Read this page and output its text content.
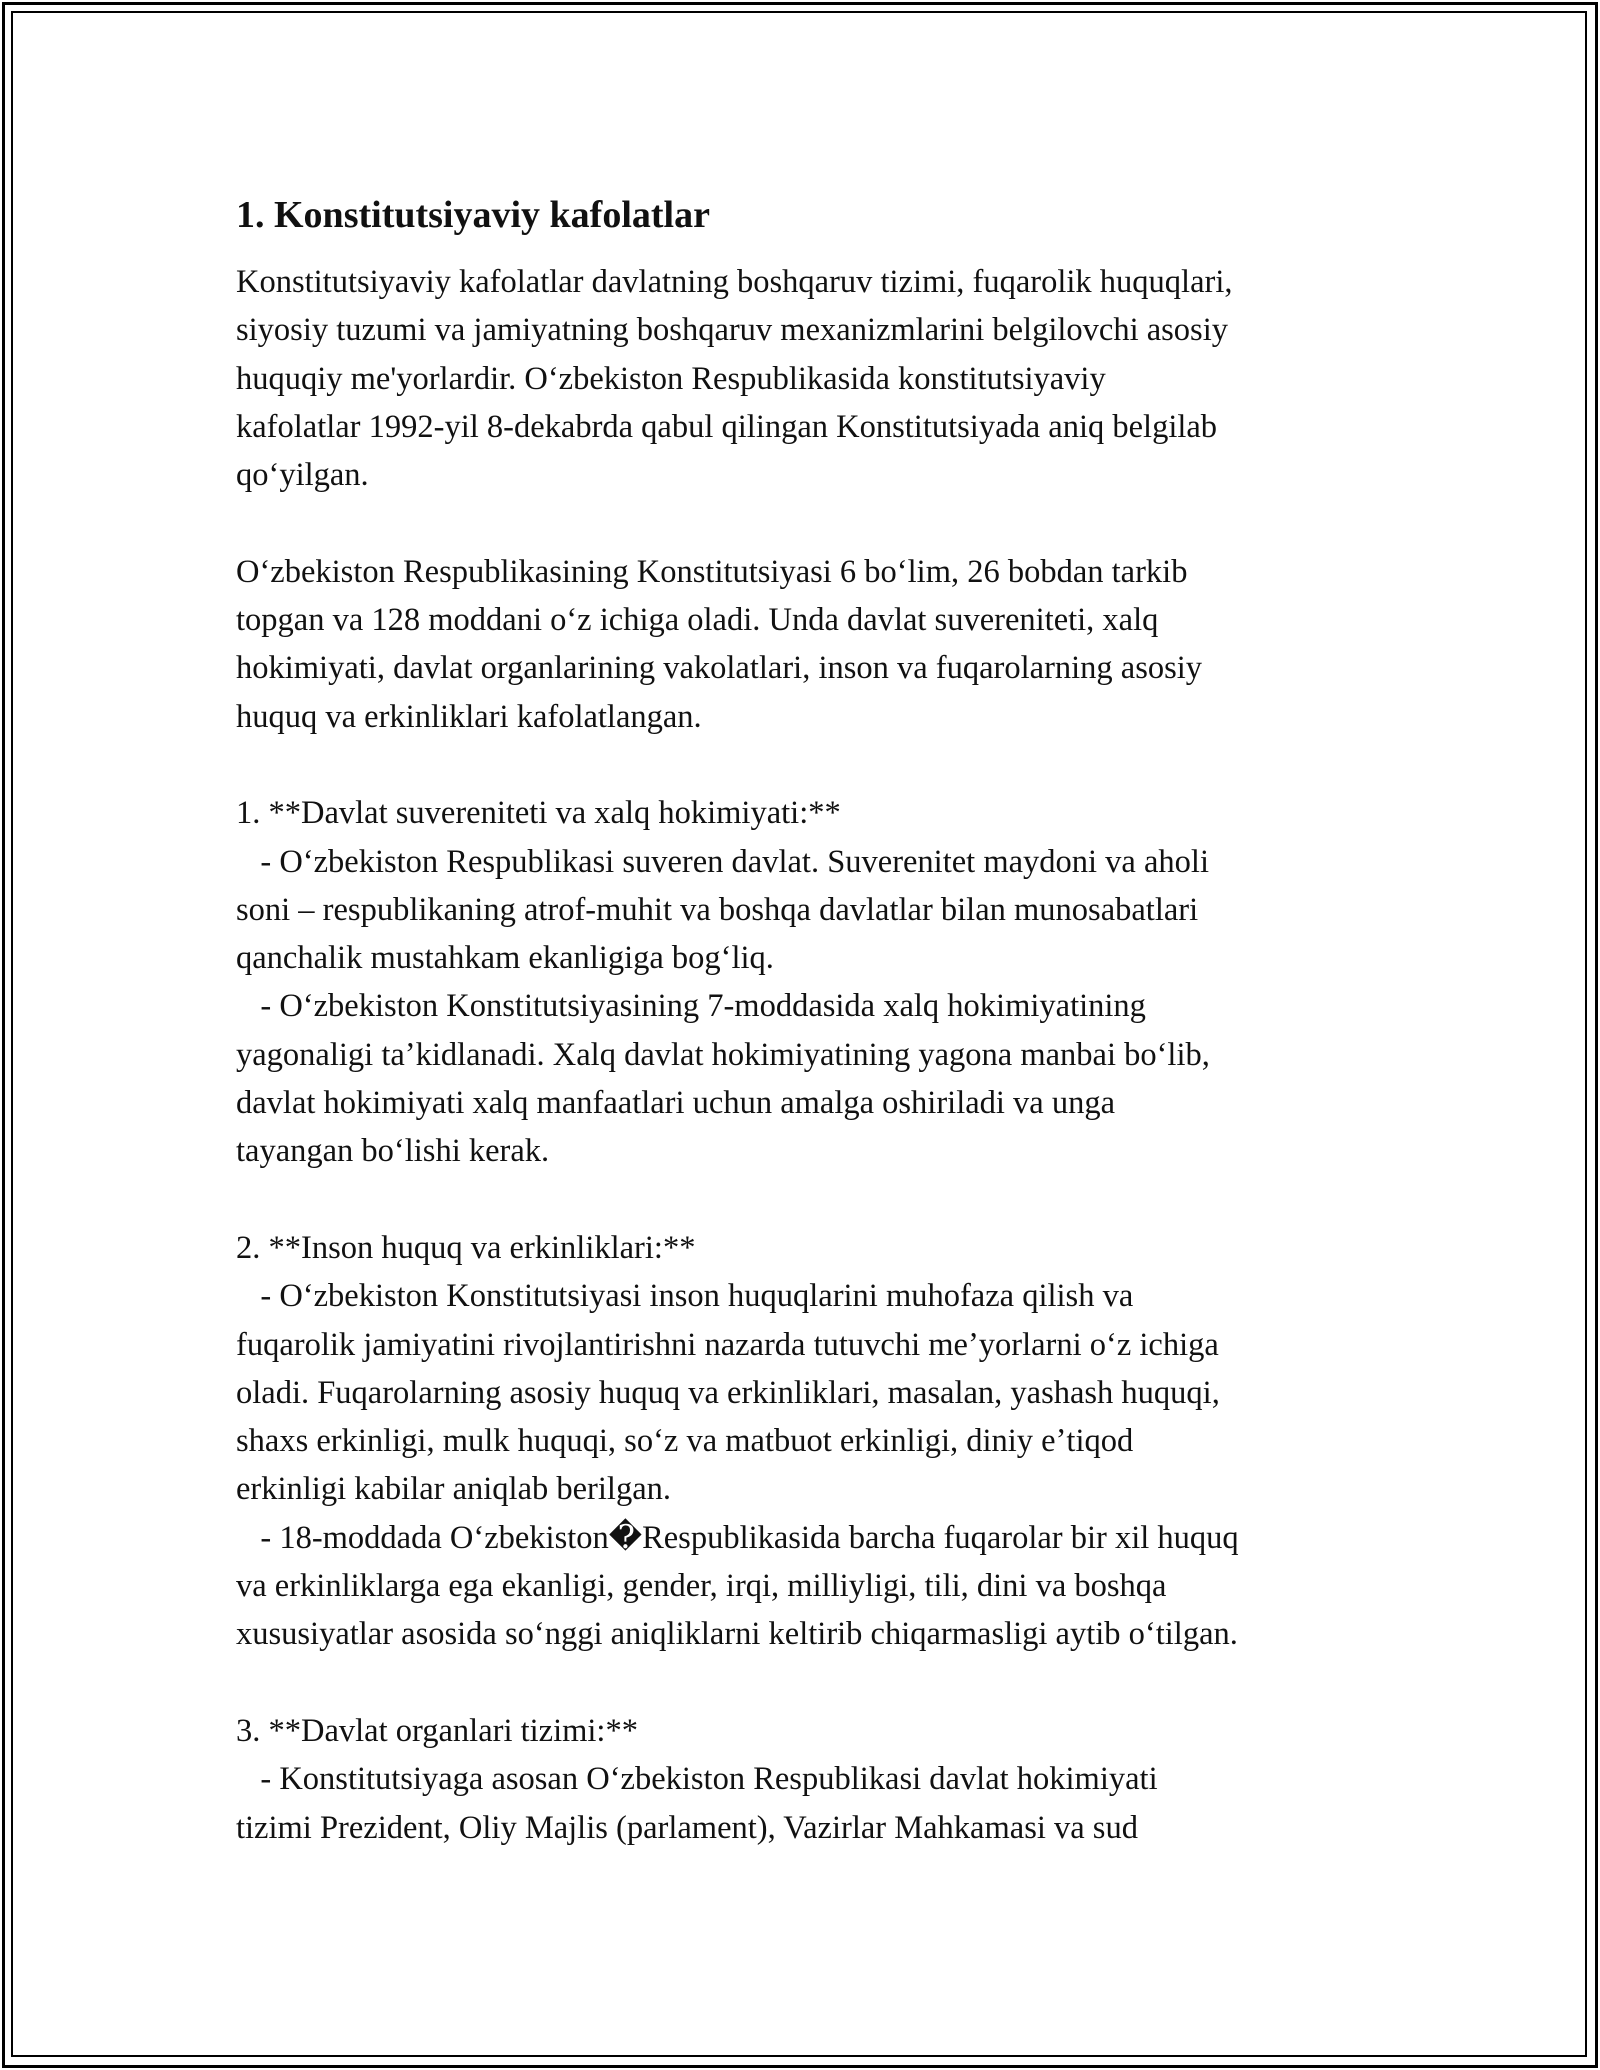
1. Konstitutsiyaviy kafolatlar

Konstitutsiyaviy kafolatlar davlatning boshqaruv tizimi, fuqarolik huquqlari,
siyosiy tuzumi va jamiyatning boshqaruv mexanizmlarini belgilovchi asosiy
huquqiy me'yorlardir. Oʻzbekiston Respublikasida konstitutsiyaviy
kafolatlar 1992-yil 8-dekabrda qabul qilingan Konstitutsiyada aniq belgilab
qoʻyilgan.

Oʻzbekiston Respublikasining Konstitutsiyasi 6 boʻlim, 26 bobdan tarkib
topgan va 128 moddani oʻz ichiga oladi. Unda davlat suvereniteti, xalq
hokimiyati, davlat organlarining vakolatlari, inson va fuqarolarning asosiy
huquq va erkinliklari kafolatlangan.

1. **Davlat suvereniteti va xalq hokimiyati:**
- Oʻzbekiston Respublikasi suveren davlat. Suverenitet maydoni va aholi
soni – respublikaning atrof-muhit va boshqa davlatlar bilan munosabatlari
qanchalik mustahkam ekanligiga bogʻliq.
- Oʻzbekiston Konstitutsiyasining 7-moddasida xalq hokimiyatining
yagonaligi taʼkidlanadi. Xalq davlat hokimiyatining yagona manbai boʻlib,
davlat hokimiyati xalq manfaatlari uchun amalga oshiriladi va unga
tayangan boʻlishi kerak.

2. **Inson huquq va erkinliklari:**
- Oʻzbekiston Konstitutsiyasi inson huquqlarini muhofaza qilish va
fuqarolik jamiyatini rivojlantirishni nazarda tutuvchi meʼyorlarni oʻz ichiga
oladi. Fuqarolarning asosiy huquq va erkinliklari, masalan, yashash huquqi,
shaxs erkinligi, mulk huquqi, soʻz va matbuot erkinligi, diniy eʼtiqod
erkinligi kabilar aniqlab berilgan.
- 18-moddada Oʻzbekiston�Respublikasida barcha fuqarolar bir xil huquq
va erkinliklarga ega ekanligi, gender, irqi, milliyligi, tili, dini va boshqa
xususiyatlar asosida soʻnggi aniqliklarni keltirib chiqarmasligi aytib oʻtilgan.

3. **Davlat organlari tizimi:**
- Konstitutsiyaga asosan Oʻzbekiston Respublikasi davlat hokimiyati
tizimi Prezident, Oliy Majlis (parlament), Vazirlar Mahkamasi va sud
